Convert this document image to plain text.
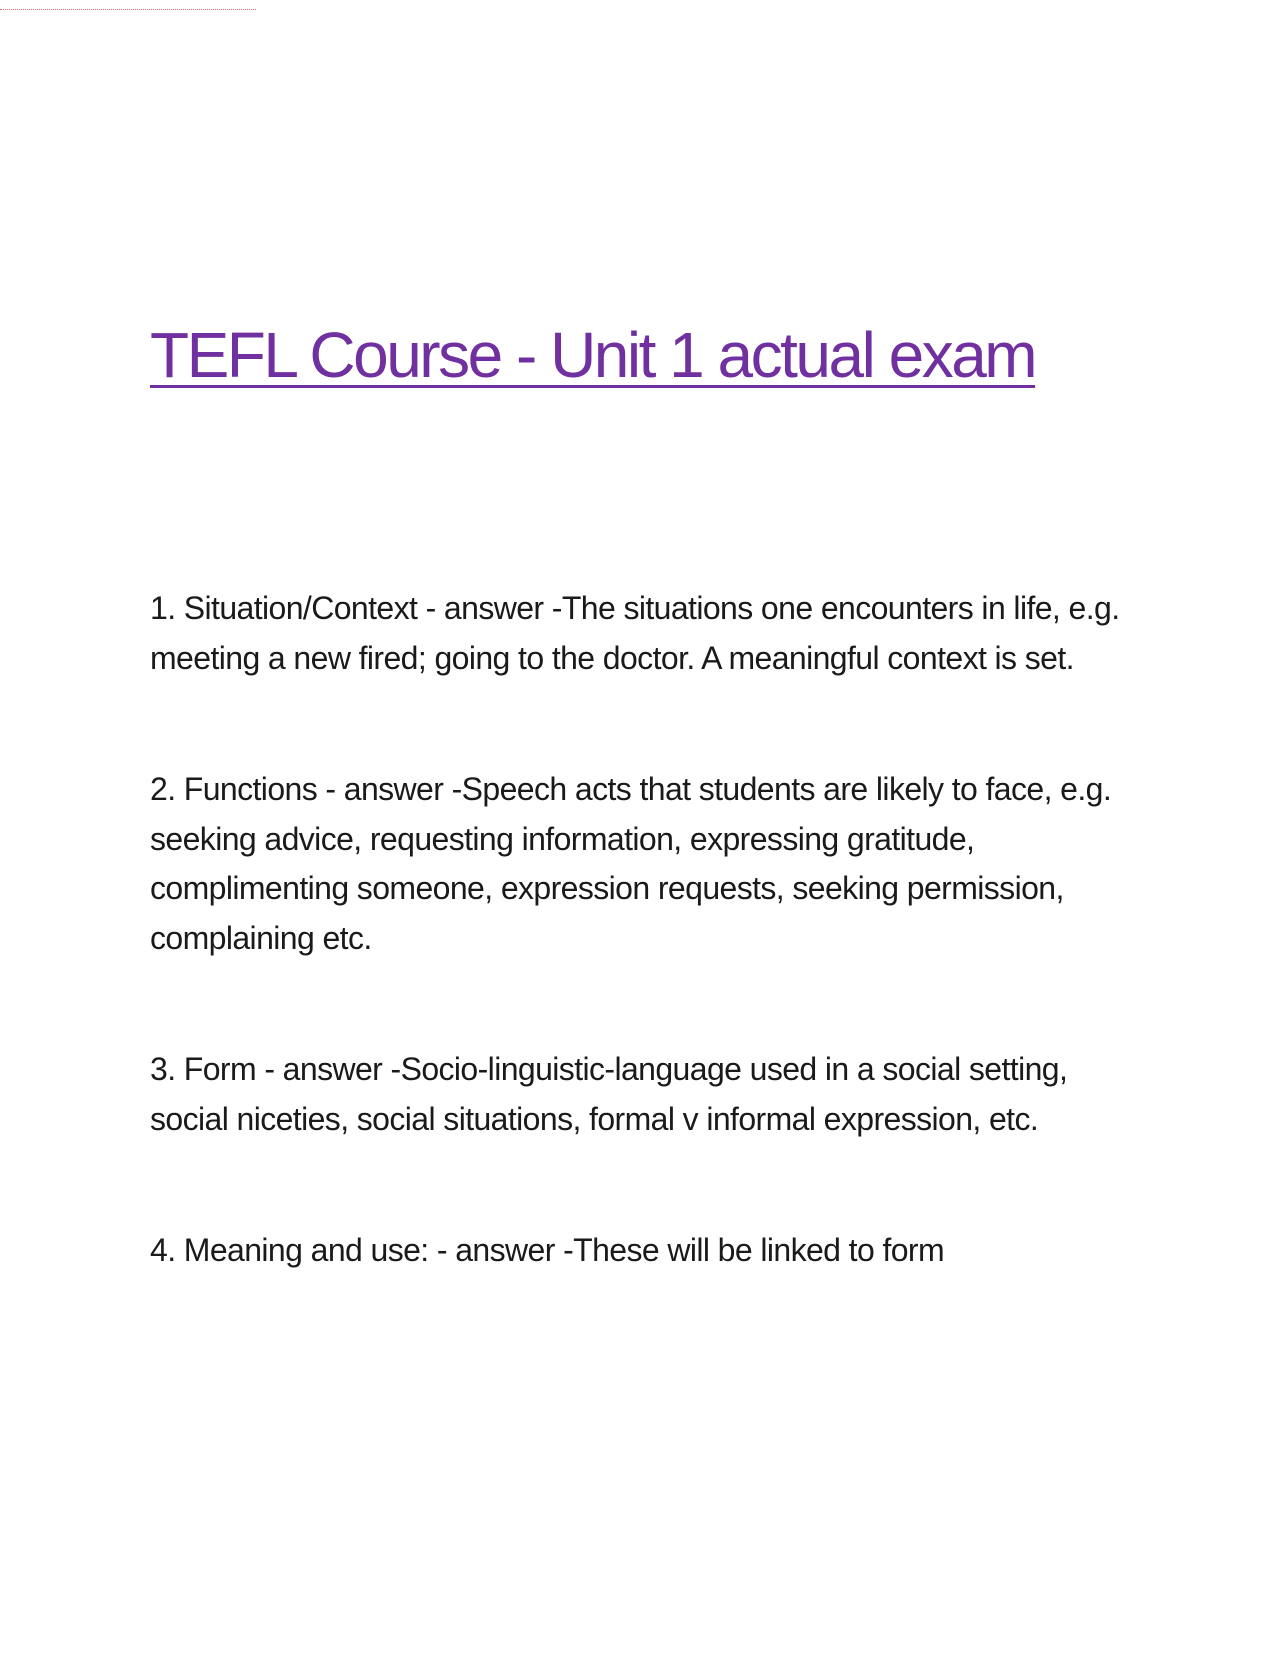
TEFL Course - Unit 1 actual exam

1. Situation/Context - answer -The situations one encounters in life, e.g. meeting a new fired; going to the doctor. A meaningful context is set.

2. Functions - answer -Speech acts that students are likely to face, e.g. seeking advice, requesting information, expressing gratitude, complimenting someone, expression requests, seeking permission, complaining etc.

3. Form - answer -Socio-linguistic-language used in a social setting, social niceties, social situations, formal v informal expression, etc.

4. Meaning and use: - answer -These will be linked to form
